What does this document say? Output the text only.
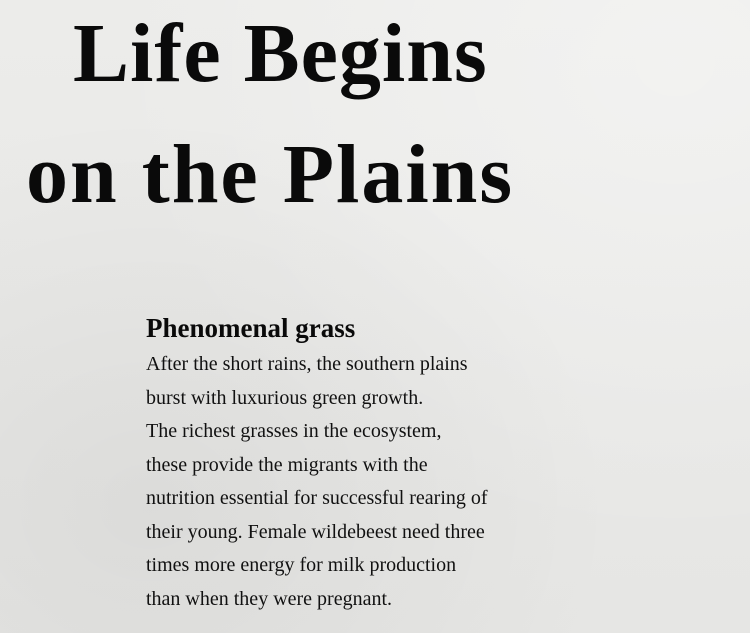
Life Begins
on the Plains
Phenomenal grass
After the short rains, the southern plains
burst with luxurious green growth.
The richest grasses in the ecosystem,
these provide the migrants with the
nutrition essential for successful rearing of
their young. Female wildebeest need three
times more energy for milk production
than when they were pregnant.
